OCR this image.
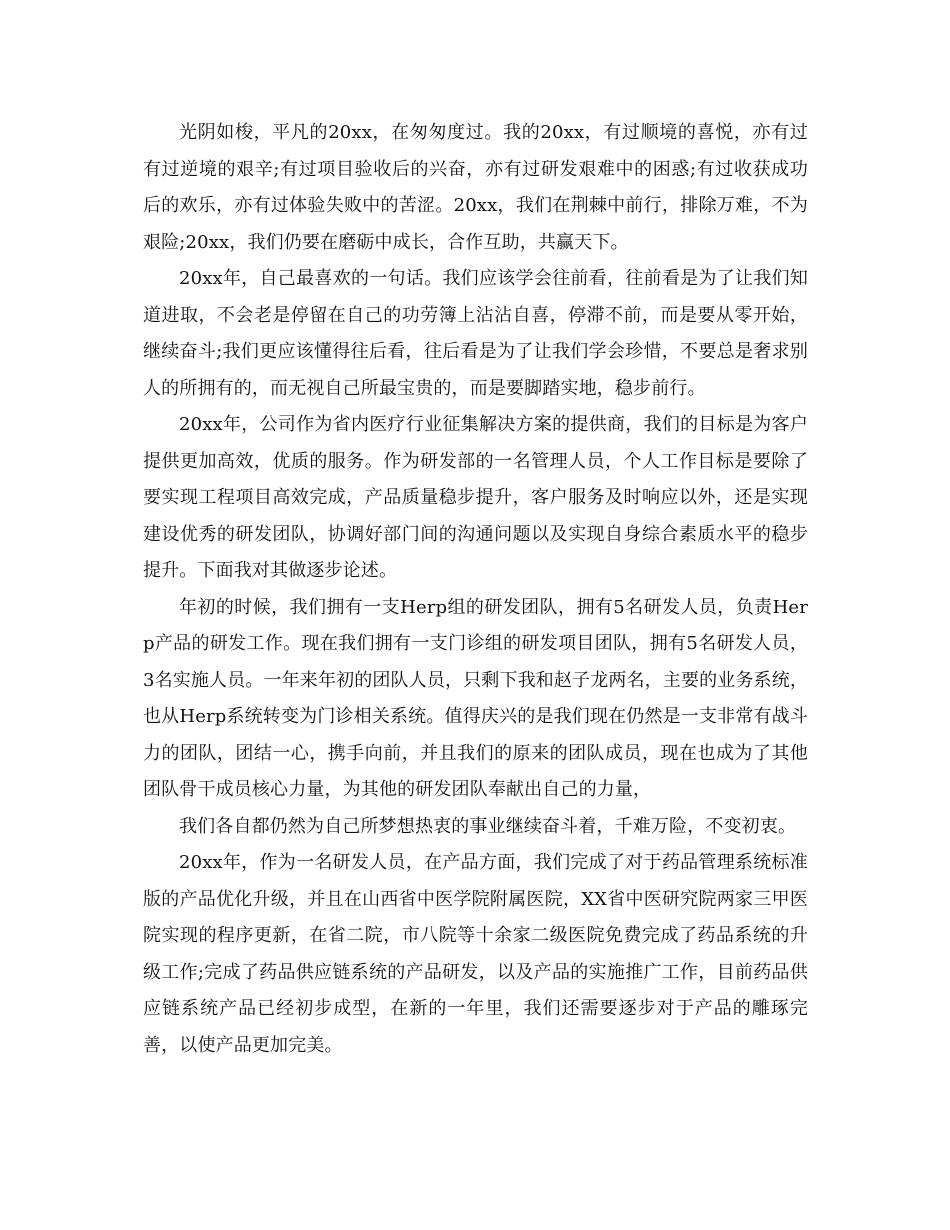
光阴如梭，平凡的20xx，在匆匆度过。我的20xx，有过顺境的喜悦，亦有过有过逆境的艰辛;有过项目验收后的兴奋，亦有过研发艰难中的困惑;有过收获成功后的欢乐，亦有过体验失败中的苦涩。20xx，我们在荆棘中前行，排除万难，不为艰险;20xx，我们仍要在磨砺中成长，合作互助，共赢天下。

20xx年，自己最喜欢的一句话。我们应该学会往前看，往前看是为了让我们知道进取，不会老是停留在自己的功劳簿上沾沾自喜，停滞不前，而是要从零开始，继续奋斗;我们更应该懂得往后看，往后看是为了让我们学会珍惜，不要总是奢求别人的所拥有的，而无视自己所最宝贵的，而是要脚踏实地，稳步前行。

20xx年，公司作为省内医疗行业征集解决方案的提供商，我们的目标是为客户提供更加高效，优质的服务。作为研发部的一名管理人员，个人工作目标是要除了要实现工程项目高效完成，产品质量稳步提升，客户服务及时响应以外，还是实现建设优秀的研发团队，协调好部门间的沟通问题以及实现自身综合素质水平的稳步提升。下面我对其做逐步论述。

年初的时候，我们拥有一支Herp组的研发团队，拥有5名研发人员，负责Herp产品的研发工作。现在我们拥有一支门诊组的研发项目团队，拥有5名研发人员，3名实施人员。一年来年初的团队人员，只剩下我和赵子龙两名，主要的业务系统，也从Herp系统转变为门诊相关系统。值得庆兴的是我们现在仍然是一支非常有战斗力的团队，团结一心，携手向前，并且我们的原来的团队成员，现在也成为了其他团队骨干成员核心力量，为其他的研发团队奉献出自己的力量，

我们各自都仍然为自己所梦想热衷的事业继续奋斗着，千难万险，不变初衷。

20xx年，作为一名研发人员，在产品方面，我们完成了对于药品管理系统标准版的产品优化升级，并且在山西省中医学院附属医院，XX省中医研究院两家三甲医院实现的程序更新，在省二院，市八院等十余家二级医院免费完成了药品系统的升级工作;完成了药品供应链系统的产品研发，以及产品的实施推广工作，目前药品供应链系统产品已经初步成型，在新的一年里，我们还需要逐步对于产品的雕琢完善，以使产品更加完美。
